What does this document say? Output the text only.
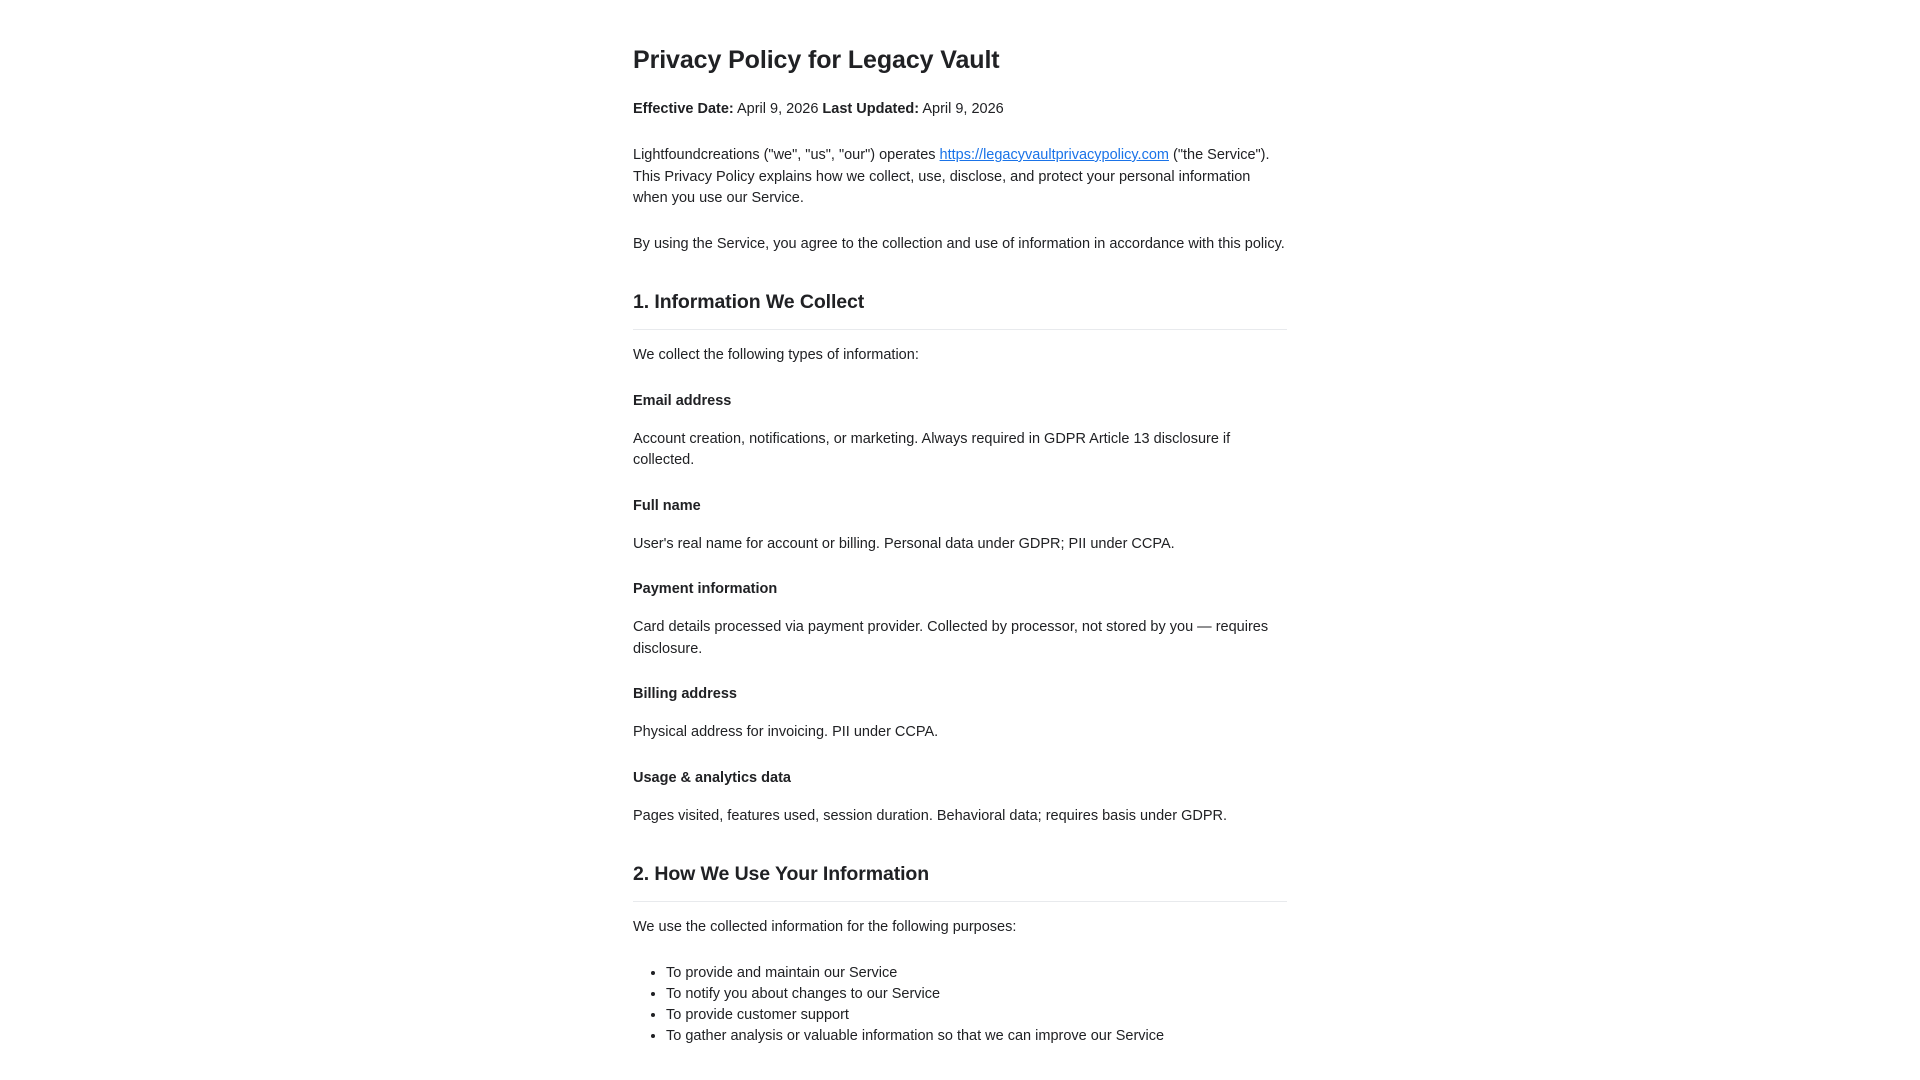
Privacy Policy for Legacy Vault
Effective Date: April 9, 2026 Last Updated: April 9, 2026

Lightfoundcreations ("we", "us", "our") operates https://legacyvaultprivacypolicy.com ("the Service"). This Privacy Policy explains how we collect, use, disclose, and protect your personal information when you use our Service.

By using the Service, you agree to the collection and use of information in accordance with this policy.

1. Information We Collect

We collect the following types of information:

Email address

Account creation, notifications, or marketing. Always required in GDPR Article 13 disclosure if collected.

Full name

User's real name for account or billing. Personal data under GDPR; PII under CCPA.

Payment information

Card details processed via payment provider. Collected by processor, not stored by you — requires disclosure.

Billing address

Physical address for invoicing. PII under CCPA.

Usage & analytics data

Pages visited, features used, session duration. Behavioral data; requires basis under GDPR.

2. How We Use Your Information

We use the collected information for the following purposes:

• To provide and maintain our Service
• To notify you about changes to our Service
• To provide customer support
• To gather analysis or valuable information so that we can improve our Service
